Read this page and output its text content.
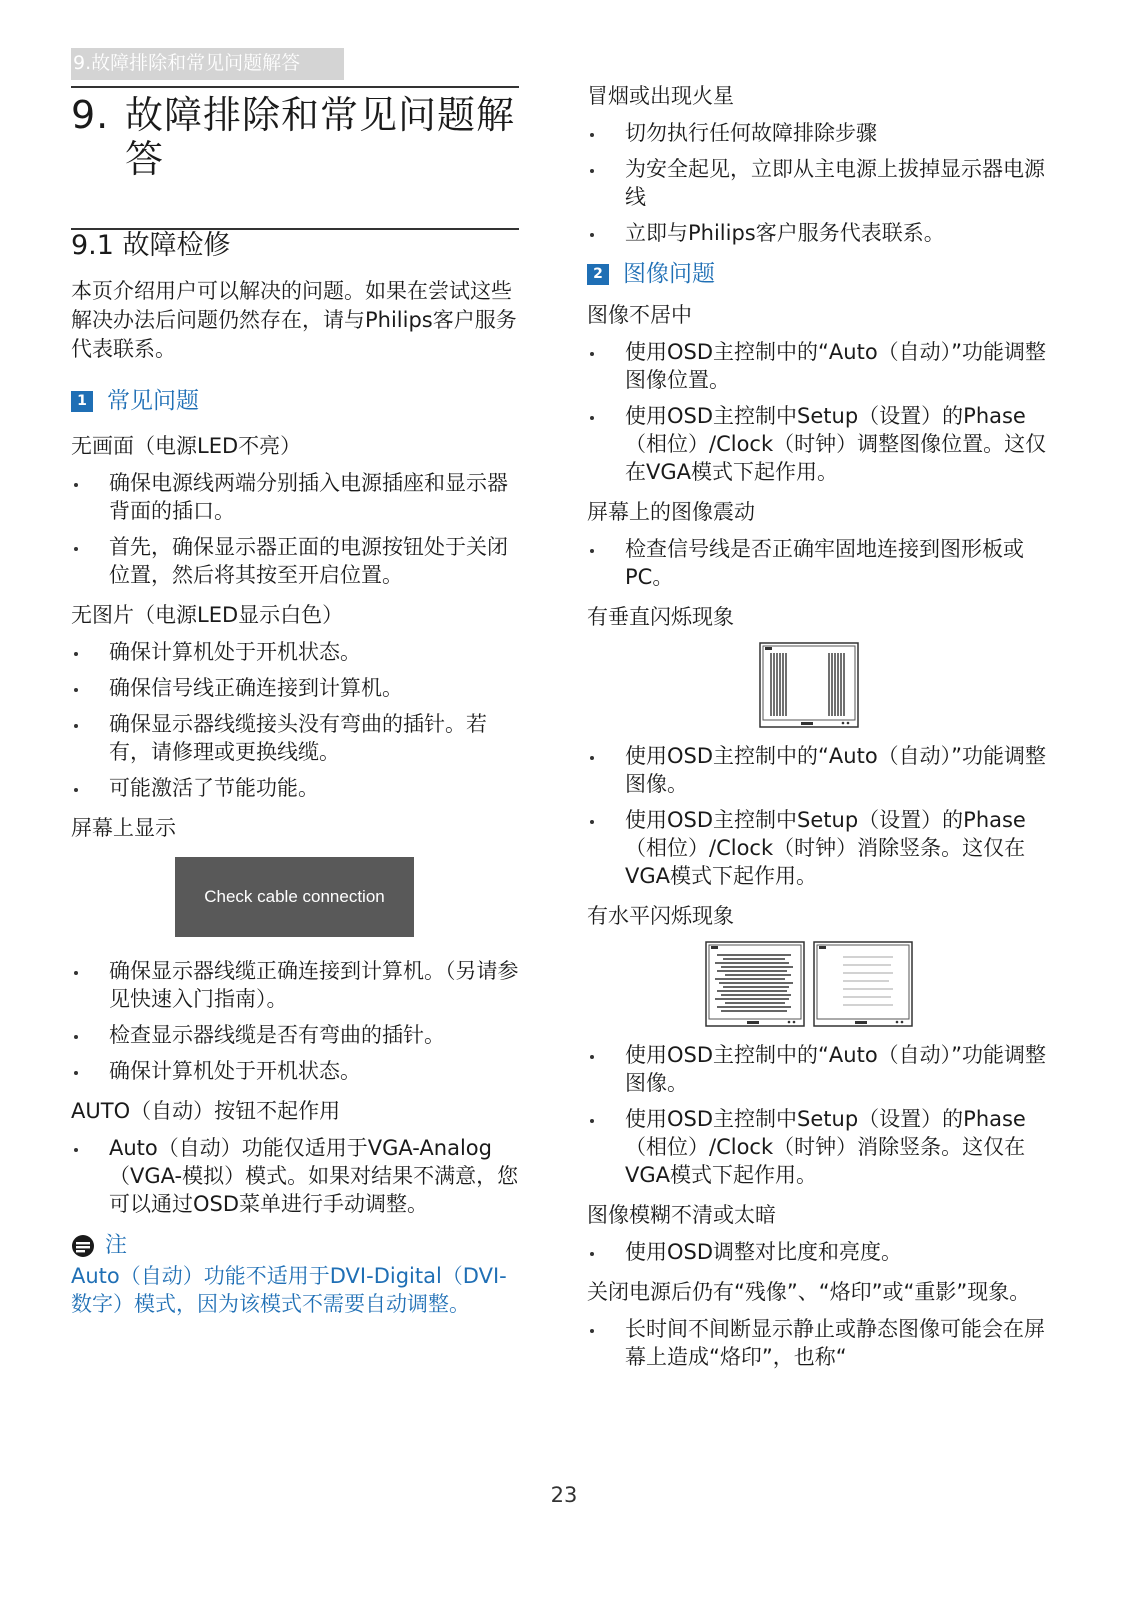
9.故障排除和常见问题解答
9. 故障排除和常见问题解答
9.1 故障检修

本页介绍用户可以解决的问题。如果在尝试这些解决办法后问题仍然存在，请与Philips客户服务代表联系。

1 常见问题

无画面（电源LED不亮）

确保电源线两端分别插入电源插座和显示器背面的插口。
首先，确保显示器正面的电源按钮处于关闭位置，然后将其按至开启位置。

无图片（电源LED显示白色）

确保计算机处于开机状态。
确保信号线正确连接到计算机。
确保显示器线缆接头没有弯曲的插针。若有，请修理或更换线缆。
可能激活了节能功能。

屏幕上显示

Check cable connection
确保显示器线缆正确连接到计算机。（另请参见快速入门指南）。
检查显示器线缆是否有弯曲的插针。
确保计算机处于开机状态。

AUTO（自动）按钮不起作用

Auto（自动）功能仅适用于VGA-Analog（VGA-模拟）模式。如果对结果不满意，您可以通过OSD菜单进行手动调整。
注

Auto（自动）功能不适用于DVI-Digital（DVI-数字）模式，因为该模式不需要自动调整。

冒烟或出现火星

切勿执行任何故障排除步骤
为安全起见，立即从主电源上拔掉显示器电源线
立即与Philips客户服务代表联系。
2 图像问题

图像不居中

使用OSD主控制中的“Auto（自动）”功能调整图像位置。
使用OSD主控制中Setup（设置）的Phase（相位）/Clock（时钟）调整图像位置。这仅在VGA模式下起作用。

屏幕上的图像震动

检查信号线是否正确牢固地连接到图形板或PC。

有垂直闪烁现象

使用OSD主控制中的“Auto（自动）”功能调整图像。
使用OSD主控制中Setup（设置）的Phase（相位）/Clock（时钟）消除竖条。这仅在VGA模式下起作用。

有水平闪烁现象

使用OSD主控制中的“Auto（自动）”功能调整图像。
使用OSD主控制中Setup（设置）的Phase（相位）/Clock（时钟）消除竖条。这仅在VGA模式下起作用。

图像模糊不清或太暗

使用OSD调整对比度和亮度。

关闭电源后仍有“残像”、“烙印”或“重影”现象。

长时间不间断显示静止或静态图像可能会在屏幕上造成“烙印”，也称“
23
